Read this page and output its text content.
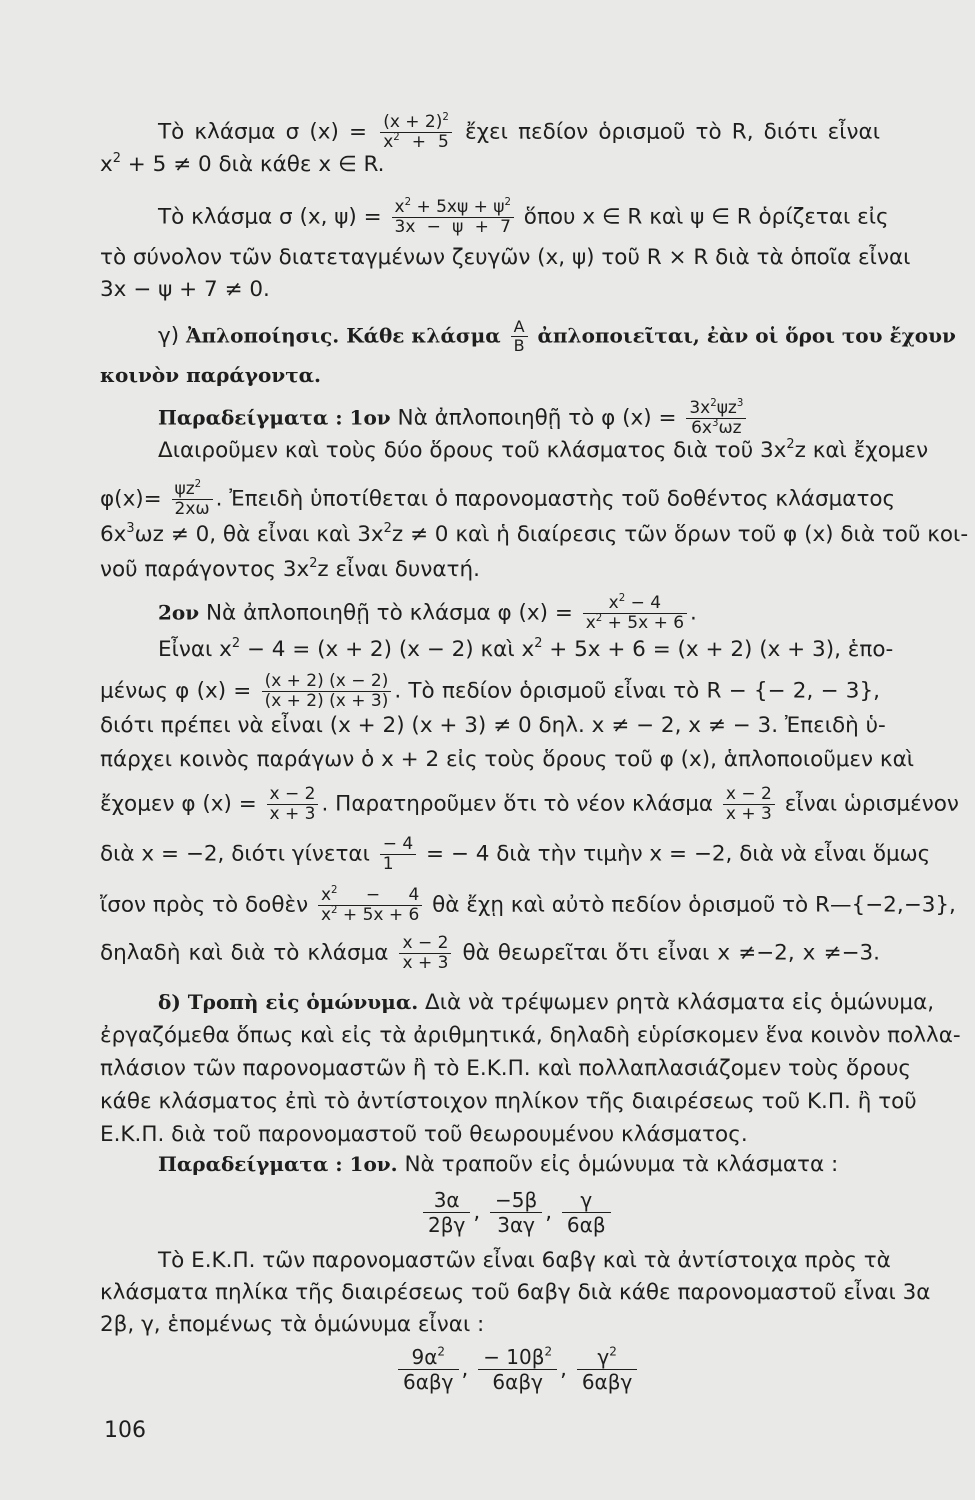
Τὸ κλάσμα σ $(x) = \frac{(x + 2)^2}{x^2 + 5}$ ἔχει πεδίον ὁρισμοῦ τὸ R, διότι εἶναι
$x^2 + 5 \ne 0$ διὰ κάθε x ∈ R.
Τὸ κλάσμα σ (x, $\psi) = \frac{x^2 + 5x\psi + \psi^2}{3x - \psi + 7}$ ὅπου x ∈ R καὶ ψ ∈ R ὁρίζεται εἰς
τὸ σύνολον τῶν διατεταγμένων ζευγῶν (x, ψ) τοῦ R × R διὰ τὰ ὁποῖα εἶναι
3x − ψ + 7 ≠ 0.
γ) Ἀπλοποίησις. Κάθε κλάσμα $\frac{A}{B}$ ἀπλοποιεῖται, ἐὰν οἱ ὅροι του ἔχουν
κοινὸν παράγοντα.
Παραδείγματα : 1ον Νὰ ἀπλοποιηθῇ τὸ φ $(x) = \frac{3x^2\psi z^3}{6x^3\omega z}$
Διαιροῦμεν καὶ τοὺς δύο ὅρους τοῦ κλάσματος διὰ τοῦ $3x^2z$ καὶ ἔχομεν
$\varphi(x)= \frac{\psi z^2}{2x\omega}$ . Ἐπειδὴ ὑποτίθεται ὁ παρονομαστὴς τοῦ δοθέντος κλάσματος
$6x^3\omega z \ne 0$, θὰ εἶναι καὶ $3x^2z \ne 0$ καὶ ἡ διαίρεσις τῶν ὅρων τοῦ φ (x) διὰ τοῦ κοι-
νοῦ παράγοντος $3x^2z$ εἶναι δυνατή.
2ον Νὰ ἀπλοποιηθῇ τὸ κλάσμα φ $(x) = \frac{x^2 - 4}{x^2 + 5x + 6}$ .
Εἶναι $x^2 - 4 = (x + 2) (x - 2)$ καὶ $x^2 + 5x + 6 = (x + 2) (x + 3)$, ἑπο-
μένως φ $(x) = \frac{(x + 2) (x - 2)}{(x + 2) (x + 3)}$ . Τὸ πεδίον ὁρισμοῦ εἶναι τὸ R − {− 2, − 3},
διότι πρέπει νὰ εἶναι (x + 2) (x + 3) ≠ 0 δηλ. x ≠ − 2, x ≠ − 3. Ἐπειδὴ ὑ-
πάρχει κοινὸς παράγων ὁ x + 2 εἰς τοὺς ὅρους τοῦ φ (x), ἁπλοποιοῦμεν καὶ
ἔχομεν φ $(x) = \frac{x - 2}{x + 3}$ . Παρατηροῦμεν ὅτι τὸ νέον κλάσμα $\frac{x - 2}{x + 3}$ εἶναι ὡρισμένον
διὰ x = −2, διότι γίνεται $\frac{- 4}{1}$ = − 4 διὰ τὴν τιμὴν x = −2, διὰ νὰ εἶναι ὅμως
ἴσον πρὸς τὸ δοθὲν $\frac{x^2 - 4}{x^2 + 5x + 6}$ θὰ ἔχῃ καὶ αὐτὸ πεδίον ὁρισμοῦ τὸ R—{−2,−3},
δηλαδὴ καὶ διὰ τὸ κλάσμα $\frac{x - 2}{x + 3}$ θὰ θεωρεῖται ὅτι εἶναι x ≠−2, x ≠−3.
δ) Τροπὴ εἰς ὁμώνυμα. Διὰ νὰ τρέψωμεν ρητὰ κλάσματα εἰς ὁμώνυμα,
ἐργαζόμεθα ὅπως καὶ εἰς τὰ ἀριθμητικά, δηλαδὴ εὑρίσκομεν ἕνα κοινὸν πολλα-
πλάσιον τῶν παρονομαστῶν ἢ τὸ Ε.Κ.Π. καὶ πολλαπλασιάζομεν τοὺς ὅρους
κάθε κλάσματος ἐπὶ τὸ ἀντίστοιχον πηλίκον τῆς διαιρέσεως τοῦ Κ.Π. ἢ τοῦ
Ε.Κ.Π. διὰ τοῦ παρονομαστοῦ τοῦ θεωρουμένου κλάσματος.
Παραδείγματα : 1ον. Νὰ τραποῦν εἰς ὁμώνυμα τὰ κλάσματα :
$\frac{3\alpha}{2\beta\gamma}$ , $\frac{-5\beta}{3\alpha\gamma}$ , $\frac{\gamma}{6\alpha\beta}$
Τὸ Ε.Κ.Π. τῶν παρονομαστῶν εἶναι 6αβγ καὶ τὰ ἀντίστοιχα πρὸς τὰ
κλάσματα πηλίκα τῆς διαιρέσεως τοῦ 6αβγ διὰ κάθε παρονομαστοῦ εἶναι 3α
2β, γ, ἑπομένως τὰ ὁμώνυμα εἶναι :
$\frac{9\alpha^2}{\text{6αβγ}}$ , $\frac{- 10\beta^2}{\text{6αβγ}}$ , $\frac{\gamma^2}{\text{6αβγ}}$
106
